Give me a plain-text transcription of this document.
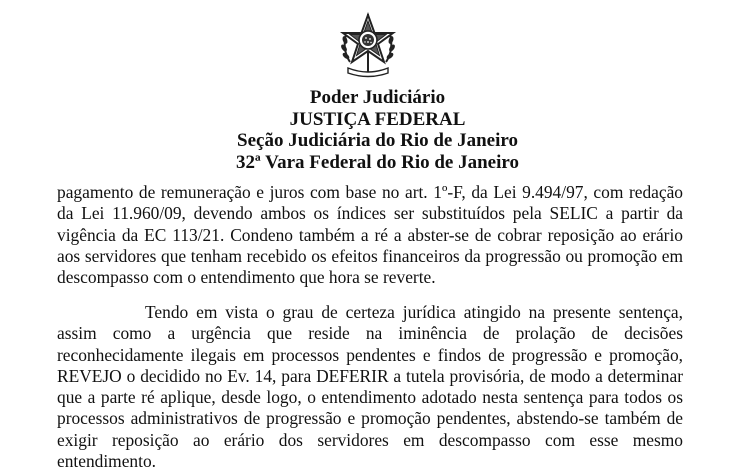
Poder Judiciário
JUSTIÇA FEDERAL
Seção Judiciária do Rio de Janeiro
32ª Vara Federal do Rio de Janeiro
pagamento de remuneração e juros com base no art. 1º-F, da Lei 9.494/97, com redação da Lei 11.960/09, devendo ambos os índices ser substituídos pela SELIC a partir da vigência da EC 113/21. Condeno também a ré a abster-se de cobrar reposição ao erário aos servidores que tenham recebido os efeitos financeiros da progressão ou promoção em descompasso com o entendimento que hora se reverte.
Tendo em vista o grau de certeza jurídica atingido na presente sentença, assim como a urgência que reside na iminência de prolação de decisões reconhecidamente ilegais em processos pendentes e findos de progressão e promoção, REVEJO o decidido no Ev. 14, para DEFERIR a tutela provisória, de modo a determinar que a parte ré aplique, desde logo, o entendimento adotado nesta sentença para todos os processos administrativos de progressão e promoção pendentes, abstendo-se também de exigir reposição ao erário dos servidores em descompasso com esse mesmo entendimento.
